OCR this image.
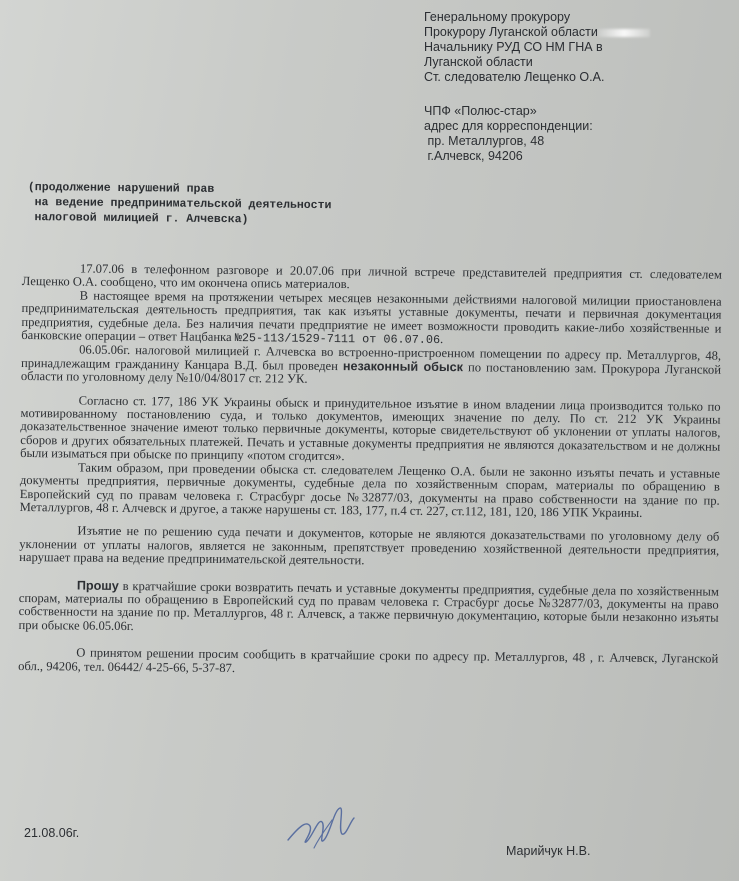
Генеральному прокурору
Прокурору Луганской области
Начальнику РУД СО НМ ГНА в
Луганской области
Ст. следователю Лещенко О.А.
ЧПФ «Полюс-стар»
адрес для корреспонденции:
пр. Металлургов, 48
г.Алчевск, 94206
(продолжение нарушений прав
на ведение предпринимательской деятельности
налоговой милицией г. Алчевска)

17.07.06 в телефонном разговоре и 20.07.06 при личной встрече представителей предприятия ст. следователем Лещенко О.А. сообщено, что им окончена опись материалов.

В настоящее время на протяжении четырех месяцев незаконными действиями налоговой милиции приостановлена предпринимательская деятельность предприятия, так как изъяты уставные документы, печати и первичная документация предприятия, судебные дела. Без наличия печати предприятие не имеет возможности проводить какие-либо хозяйственные и банковские операции – ответ Нацбанка №25-113/1529-7111 от 06.07.06.

06.05.06г. налоговой милицией г. Алчевска во встроенно-пристроенном помещении по адресу пр. Металлургов, 48, принадлежащим гражданину Канцара В.Д. был проведен незаконный обыск по постановлению зам. Прокурора Луганской области по уголовному делу №10/04/8017 ст. 212 УК.

Согласно ст. 177, 186 УК Украины обыск и принудительное изъятие в ином владении лица производится только по мотивированному постановлению суда, и только документов, имеющих значение по делу. По ст. 212 УК Украины доказательственное значение имеют только первичные документы, которые свидетельствуют об уклонении от уплаты налогов, сборов и других обязательных платежей. Печать и уставные документы предприятия не являются доказательством и не должны были изыматься при обыске по принципу «потом сгодится».

Таким образом, при проведении обыска ст. следователем Лещенко О.А. были не законно изъяты печать и уставные документы предприятия, первичные документы, судебные дела по хозяйственным спорам, материалы по обращению в Европейский суд по правам человека г. Страсбург досье №32877/03, документы на право собственности на здание по пр. Металлургов, 48 г. Алчевск и другое, а также нарушены ст. 183, 177, п.4 ст. 227, ст.112, 181, 120, 186 УПК Украины.

Изъятие не по решению суда печати и документов, которые не являются доказательствами по уголовному делу об уклонении от уплаты налогов, является не законным, препятствует проведению хозяйственной деятельности предприятия, нарушает права на ведение предпринимательской деятельности.

Прошу в кратчайшие сроки возвратить печать и уставные документы предприятия, судебные дела по хозяйственным спорам, материалы по обращению в Европейский суд по правам человека г. Страсбург досье №32877/03, документы на право собственности на здание по пр. Металлургов, 48 г. Алчевск, а также первичную документацию, которые были незаконно изъяты при обыске 06.05.06г.

О принятом решении просим сообщить в кратчайшие сроки по адресу пр. Металлургов, 48 , г. Алчевск, Луганской обл., 94206, тел. 06442/ 4-25-66, 5-37-87.

21.08.06г.
Марийчук Н.В.
